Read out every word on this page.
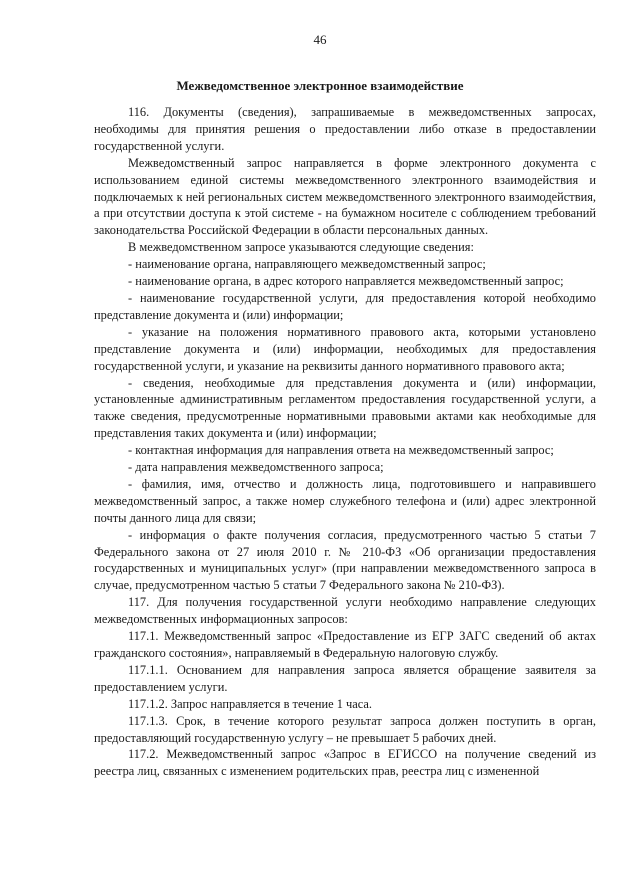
46
Межведомственное электронное взаимодействие

116. Документы (сведения), запрашиваемые в межведомственных запросах, необходимы для принятия решения о предоставлении либо отказе в предоставлении государственной услуги.

Межведомственный запрос направляется в форме электронного документа с использованием единой системы межведомственного электронного взаимодействия и подключаемых к ней региональных систем межведомственного электронного взаимодействия, а при отсутствии доступа к этой системе - на бумажном носителе с соблюдением требований законодательства Российской Федерации в области персональных данных.

В межведомственном запросе указываются следующие сведения:

- наименование органа, направляющего межведомственный запрос;

- наименование органа, в адрес которого направляется межведомственный запрос;

- наименование государственной услуги, для предоставления которой необходимо представление документа и (или) информации;

- указание на положения нормативного правового акта, которыми установлено представление документа и (или) информации, необходимых для предоставления государственной услуги, и указание на реквизиты данного нормативного правового акта;

- сведения, необходимые для представления документа и (или) информации, установленные административным регламентом предоставления государственной услуги, а также сведения, предусмотренные нормативными правовыми актами как необходимые для представления таких документа и (или) информации;

- контактная информация для направления ответа на межведомственный запрос;

- дата направления межведомственного запроса;

- фамилия, имя, отчество и должность лица, подготовившего и направившего межведомственный запрос, а также номер служебного телефона и (или) адрес электронной почты данного лица для связи;

- информация о факте получения согласия, предусмотренного частью 5 статьи 7 Федерального закона от 27 июля 2010 г. № 210-ФЗ «Об организации предоставления государственных и муниципальных услуг» (при направлении межведомственного запроса в случае, предусмотренном частью 5 статьи 7 Федерального закона № 210-ФЗ).

117. Для получения государственной услуги необходимо направление следующих межведомственных информационных запросов:

117.1. Межведомственный запрос «Предоставление из ЕГР ЗАГС сведений об актах гражданского состояния», направляемый в Федеральную налоговую службу.

117.1.1. Основанием для направления запроса является обращение заявителя за предоставлением услуги.

117.1.2. Запрос направляется в течение 1 часа.

117.1.3. Срок, в течение которого результат запроса должен поступить в орган, предоставляющий государственную услугу – не превышает 5 рабочих дней.

117.2. Межведомственный запрос «Запрос в ЕГИССО на получение сведений из реестра лиц, связанных с изменением родительских прав, реестра лиц с измененной
